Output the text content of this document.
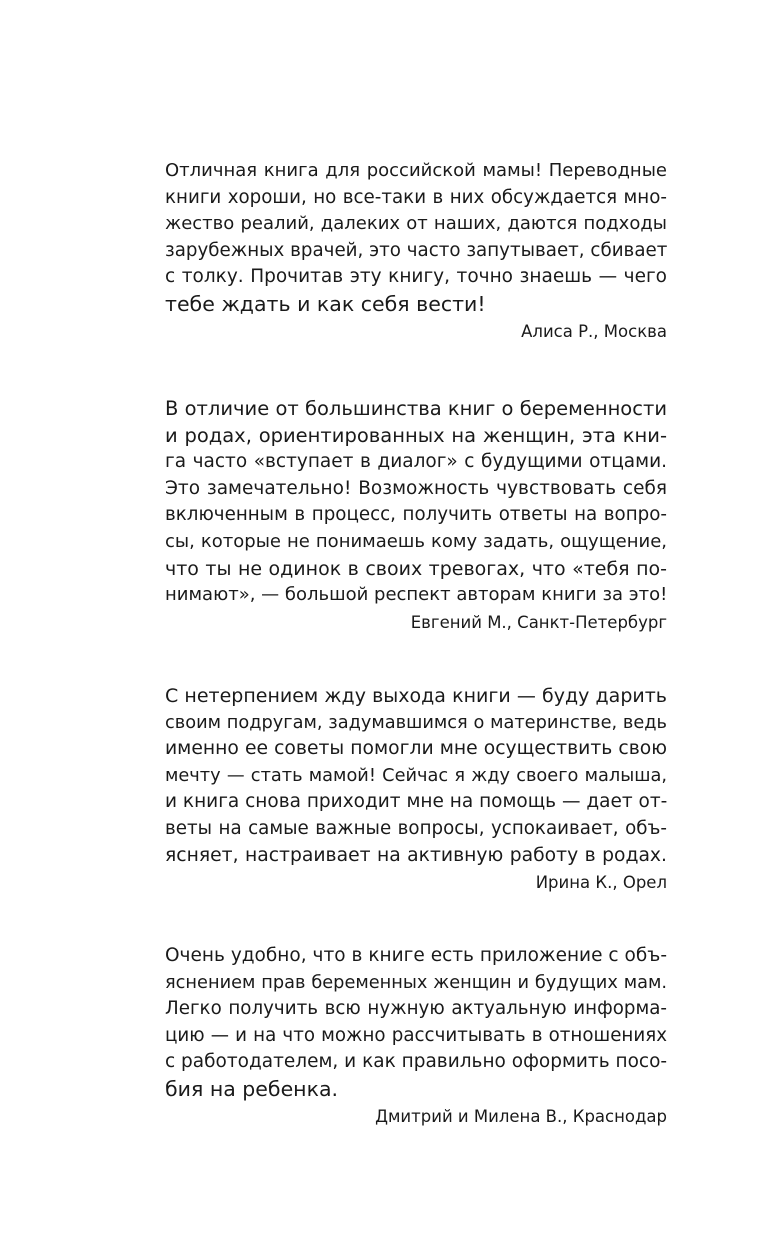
Отличная книга для российской мамы! Переводные
книги хороши, но все-таки в них обсуждается мно-
жество реалий, далеких от наших, даются подходы
зарубежных врачей, это часто запутывает, сбивает
с толку. Прочитав эту книгу, точно знаешь — чего
тебе ждать и как себя вести!
Алиса Р., Москва
В отличие от большинства книг о беременности
и родах, ориентированных на женщин, эта кни-
га часто «вступает в диалог» с будущими отцами.
Это замечательно! Возможность чувствовать себя
включенным в процесс, получить ответы на вопро-
сы, которые не понимаешь кому задать, ощущение,
что ты не одинок в своих тревогах, что «тебя по-
нимают», — большой респект авторам книги за это!
Евгений М., Санкт-Петербург
С нетерпением жду выхода книги — буду дарить
своим подругам, задумавшимся о материнстве, ведь
именно ее советы помогли мне осуществить свою
мечту — стать мамой! Сейчас я жду своего малыша,
и книга снова приходит мне на помощь — дает от-
веты на самые важные вопросы, успокаивает, объ-
ясняет, настраивает на активную работу в родах.
Ирина К., Орел
Очень удобно, что в книге есть приложение с объ-
яснением прав беременных женщин и будущих мам.
Легко получить всю нужную актуальную информа-
цию — и на что можно рассчитывать в отношениях
с работодателем, и как правильно оформить посо-
бия на ребенка.
Дмитрий и Милена В., Краснодар
